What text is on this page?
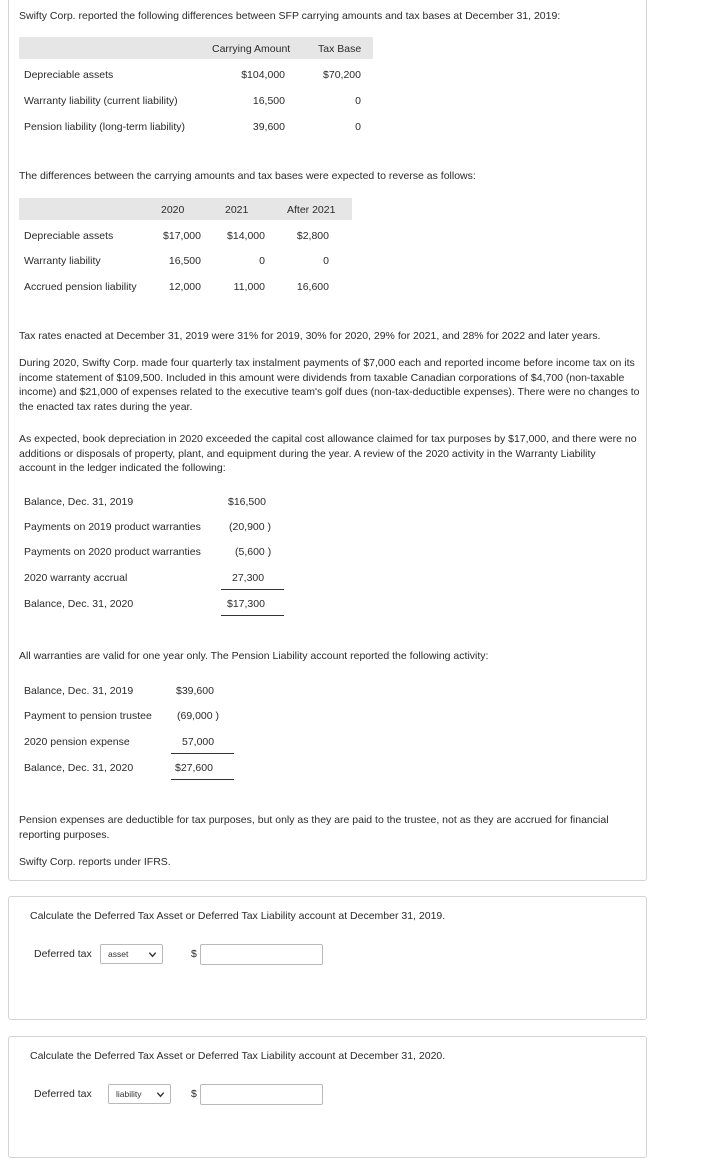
Swifty Corp. reported the following differences between SFP carrying amounts and tax bases at December 31, 2019:
Carrying Amount	Tax Base
Depreciable assets	$104,000	$70,200
Warranty liability (current liability)	16,500	0
Pension liability (long-term liability)	39,600	0
The differences between the carrying amounts and tax bases were expected to reverse as follows:
2020	2021	After 2021
Depreciable assets	$17,000	$14,000	$2,800
Warranty liability	16,500	0	0
Accrued pension liability	12,000	11,000	16,600
Tax rates enacted at December 31, 2019 were 31% for 2019, 30% for 2020, 29% for 2021, and 28% for 2022 and later years.
During 2020, Swifty Corp. made four quarterly tax instalment payments of $7,000 each and reported income before income tax on its
income statement of $109,500. Included in this amount were dividends from taxable Canadian corporations of $4,700 (non-taxable
income) and $21,000 of expenses related to the executive team's golf dues (non-tax-deductible expenses). There were no changes to
the enacted tax rates during the year.
As expected, book depreciation in 2020 exceeded the capital cost allowance claimed for tax purposes by $17,000, and there were no
additions or disposals of property, plant, and equipment during the year. A review of the 2020 activity in the Warranty Liability
account in the ledger indicated the following:
Balance, Dec. 31, 2019	$16,500
Payments on 2019 product warranties	(20,900 )
Payments on 2020 product warranties	(5,600 )
2020 warranty accrual	27,300
Balance, Dec. 31, 2020	$17,300
All warranties are valid for one year only. The Pension Liability account reported the following activity:
Balance, Dec. 31, 2019	$39,600
Payment to pension trustee (69,000 )
2020 pension expense	57,000
Balance, Dec. 31, 2020	$27,600
Pension expenses are deductible for tax purposes, but only as they are paid to the trustee, not as they are accrued for financial
reporting purposes.
Swifty Corp. reports under IFRS.
Calculate the Deferred Tax Asset or Deferred Tax Liability account at December 31, 2019.
Deferred tax	asset	$
Calculate the Deferred Tax Asset or Deferred Tax Liability account at December 31, 2020.
Deferred tax	liability	$
